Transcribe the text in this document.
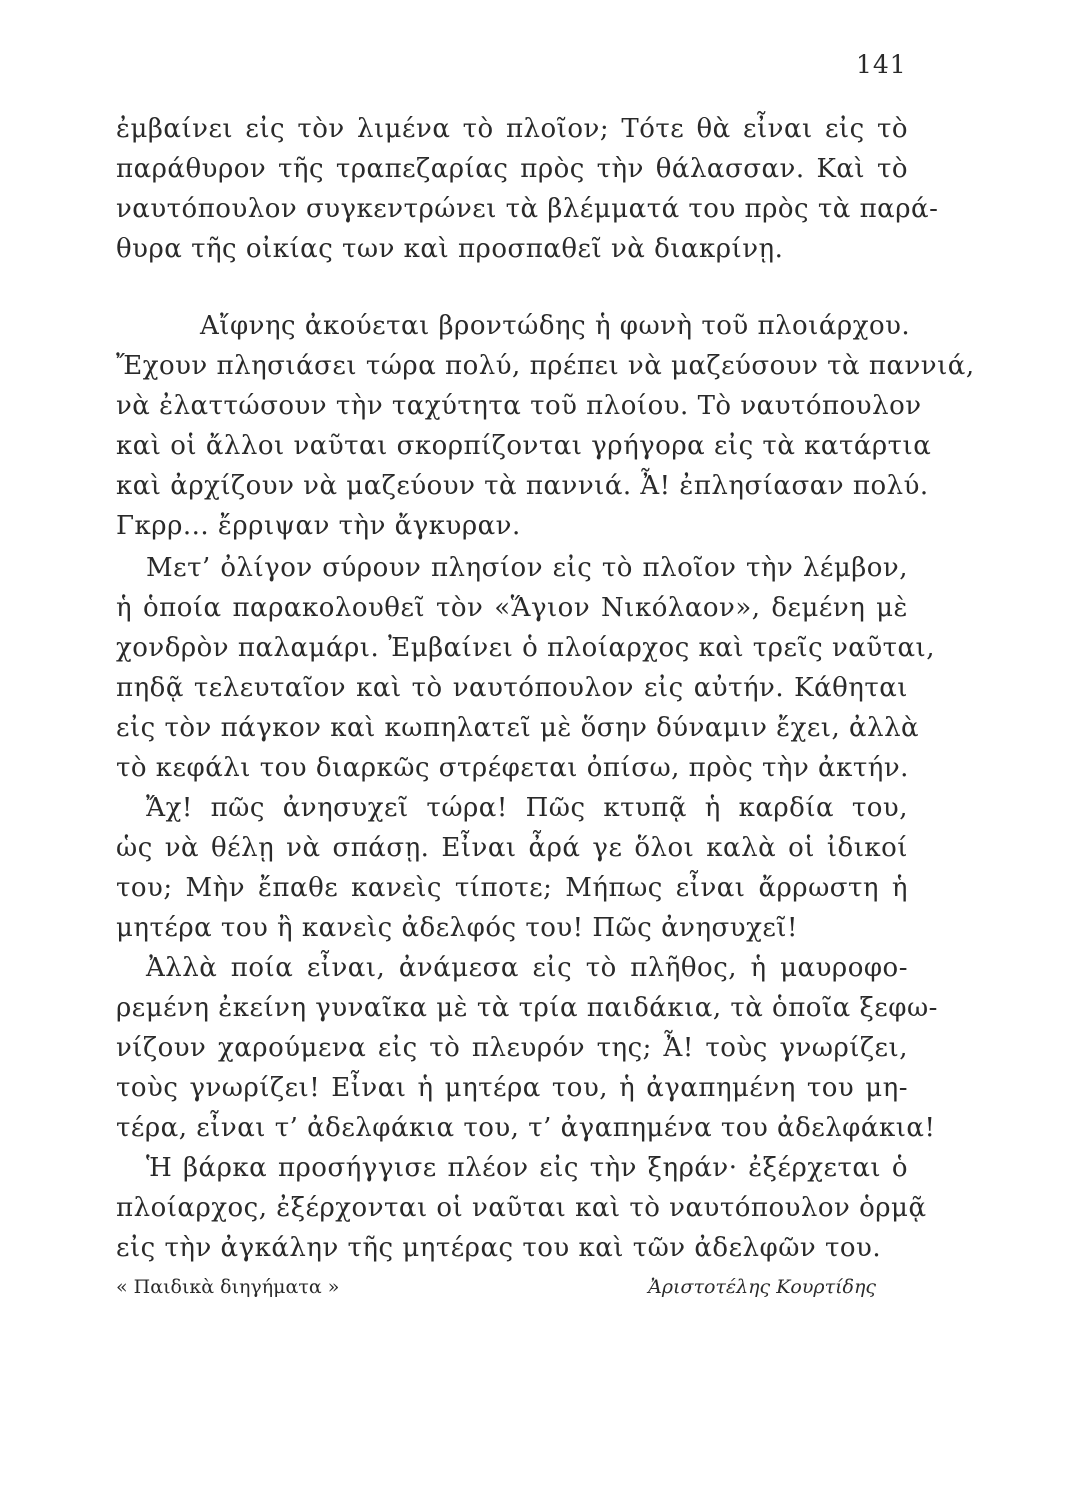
141
ἐμβαίνει εἰς τὸν λιμένα τὸ πλοῖον; Τότε θὰ εἶναι εἰς τὸ
παράθυρον τῆς τραπεζαρίας πρὸς τὴν θάλασσαν. Καὶ τὸ
ναυτόπουλον συγκεντρώνει τὰ βλέμματά του πρὸς τὰ παρά-
θυρα τῆς οἰκίας των καὶ προσπαθεῖ νὰ διακρίνῃ.
Αἴφνης ἀκούεται βροντώδης ἡ φωνὴ τοῦ πλοιάρχου.
Ἔχουν πλησιάσει τώρα πολύ, πρέπει νὰ μαζεύσουν τὰ παννιά,
νὰ ἐλαττώσουν τὴν ταχύτητα τοῦ πλοίου. Τὸ ναυτόπουλον
καὶ οἱ ἄλλοι ναῦται σκορπίζονται γρήγορα εἰς τὰ κατάρτια
καὶ ἀρχίζουν νὰ μαζεύουν τὰ παννιά. Ἆ! ἐπλησίασαν πολύ.
Γκρρ... ἔρριψαν τὴν ἄγκυραν.
Μετ’ ὀλίγον σύρουν πλησίον εἰς τὸ πλοῖον τὴν λέμβον,
ἡ ὁποία παρακολουθεῖ τὸν «Ἅγιον Νικόλαον», δεμένη μὲ
χονδρὸν παλαμάρι. Ἐμβαίνει ὁ πλοίαρχος καὶ τρεῖς ναῦται,
πηδᾷ τελευταῖον καὶ τὸ ναυτόπουλον εἰς αὐτήν. Κάθηται
εἰς τὸν πάγκον καὶ κωπηλατεῖ μὲ ὅσην δύναμιν ἔχει, ἀλλὰ
τὸ κεφάλι του διαρκῶς στρέφεται ὀπίσω, πρὸς τὴν ἀκτήν.
Ἄχ! πῶς ἀνησυχεῖ τώρα! Πῶς κτυπᾷ ἡ καρδία του,
ὡς νὰ θέλῃ νὰ σπάσῃ. Εἶναι ἆρά γε ὅλοι καλὰ οἱ ἰδικοί
του; Μὴν ἔπαθε κανεὶς τίποτε; Μήπως εἶναι ἄρρωστη ἡ
μητέρα του ἢ κανεὶς ἀδελφός του! Πῶς ἀνησυχεῖ!
Ἀλλὰ ποία εἶναι, ἀνάμεσα εἰς τὸ πλῆθος, ἡ μαυροφο-
ρεμένη ἐκείνη γυναῖκα μὲ τὰ τρία παιδάκια, τὰ ὁποῖα ξεφω-
νίζουν χαρούμενα εἰς τὸ πλευρόν της; Ἆ! τοὺς γνωρίζει,
τοὺς γνωρίζει! Εἶναι ἡ μητέρα του, ἡ ἀγαπημένη του μη-
τέρα, εἶναι τ’ ἀδελφάκια του, τ’ ἀγαπημένα του ἀδελφάκια!
Ἡ βάρκα προσήγγισε πλέον εἰς τὴν ξηράν· ἐξέρχεται ὁ
πλοίαρχος, ἐξέρχονται οἱ ναῦται καὶ τὸ ναυτόπουλον ὁρμᾷ
εἰς τὴν ἀγκάλην τῆς μητέρας του καὶ τῶν ἀδελφῶν του.
« Παιδικὰ διηγήματα »	Ἀριστοτέλης Κουρτίδης
